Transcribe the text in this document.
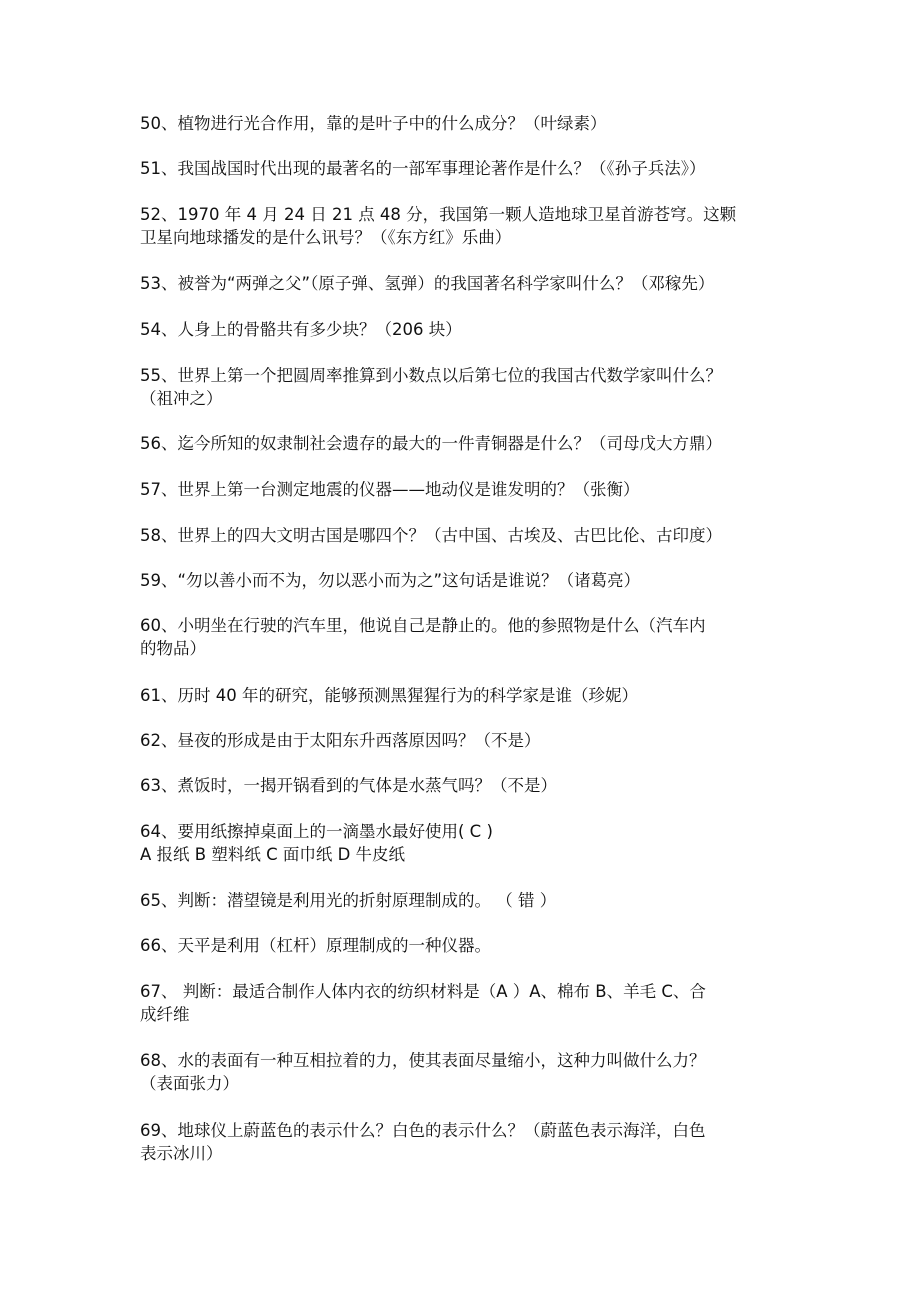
50、植物进行光合作用，靠的是叶子中的什么成分？（叶绿素）
51、我国战国时代出现的最著名的一部军事理论著作是什么？（《孙子兵法》）
52、1970 年 4 月 24 日 21 点 48 分，我国第一颗人造地球卫星首游苍穹。这颗
卫星向地球播发的是什么讯号？（《东方红》乐曲）
53、被誉为“两弹之父”（原子弹、氢弹）的我国著名科学家叫什么？（邓稼先）
54、人身上的骨骼共有多少块？（206 块）
55、世界上第一个把圆周率推算到小数点以后第七位的我国古代数学家叫什么？
（祖冲之）
56、迄今所知的奴隶制社会遗存的最大的一件青铜器是什么？（司母戊大方鼎）
57、世界上第一台测定地震的仪器——地动仪是谁发明的？（张衡）
58、世界上的四大文明古国是哪四个？（古中国、古埃及、古巴比伦、古印度）
59、“勿以善小而不为，勿以恶小而为之”这句话是谁说？（诸葛亮）
60、小明坐在行驶的汽车里，他说自己是静止的。他的参照物是什么（汽车内
的物品）
61、历时 40 年的研究，能够预测黑猩猩行为的科学家是谁（珍妮）
62、昼夜的形成是由于太阳东升西落原因吗？（不是）
63、煮饭时，一揭开锅看到的气体是水蒸气吗？（不是）
64、要用纸擦掉桌面上的一滴墨水最好使用( C )
A 报纸 B 塑料纸 C 面巾纸 D 牛皮纸
65、判断：潜望镜是利用光的折射原理制成的。 （ 错 ）
66、天平是利用（杠杆）原理制成的一种仪器。
67、 判断：最适合制作人体内衣的纺织材料是（A ）A、棉布 B、羊毛 C、合
成纤维
68、水的表面有一种互相拉着的力，使其表面尽量缩小，这种力叫做什么力？
（表面张力）
69、地球仪上蔚蓝色的表示什么？白色的表示什么？（蔚蓝色表示海洋，白色
表示冰川）
